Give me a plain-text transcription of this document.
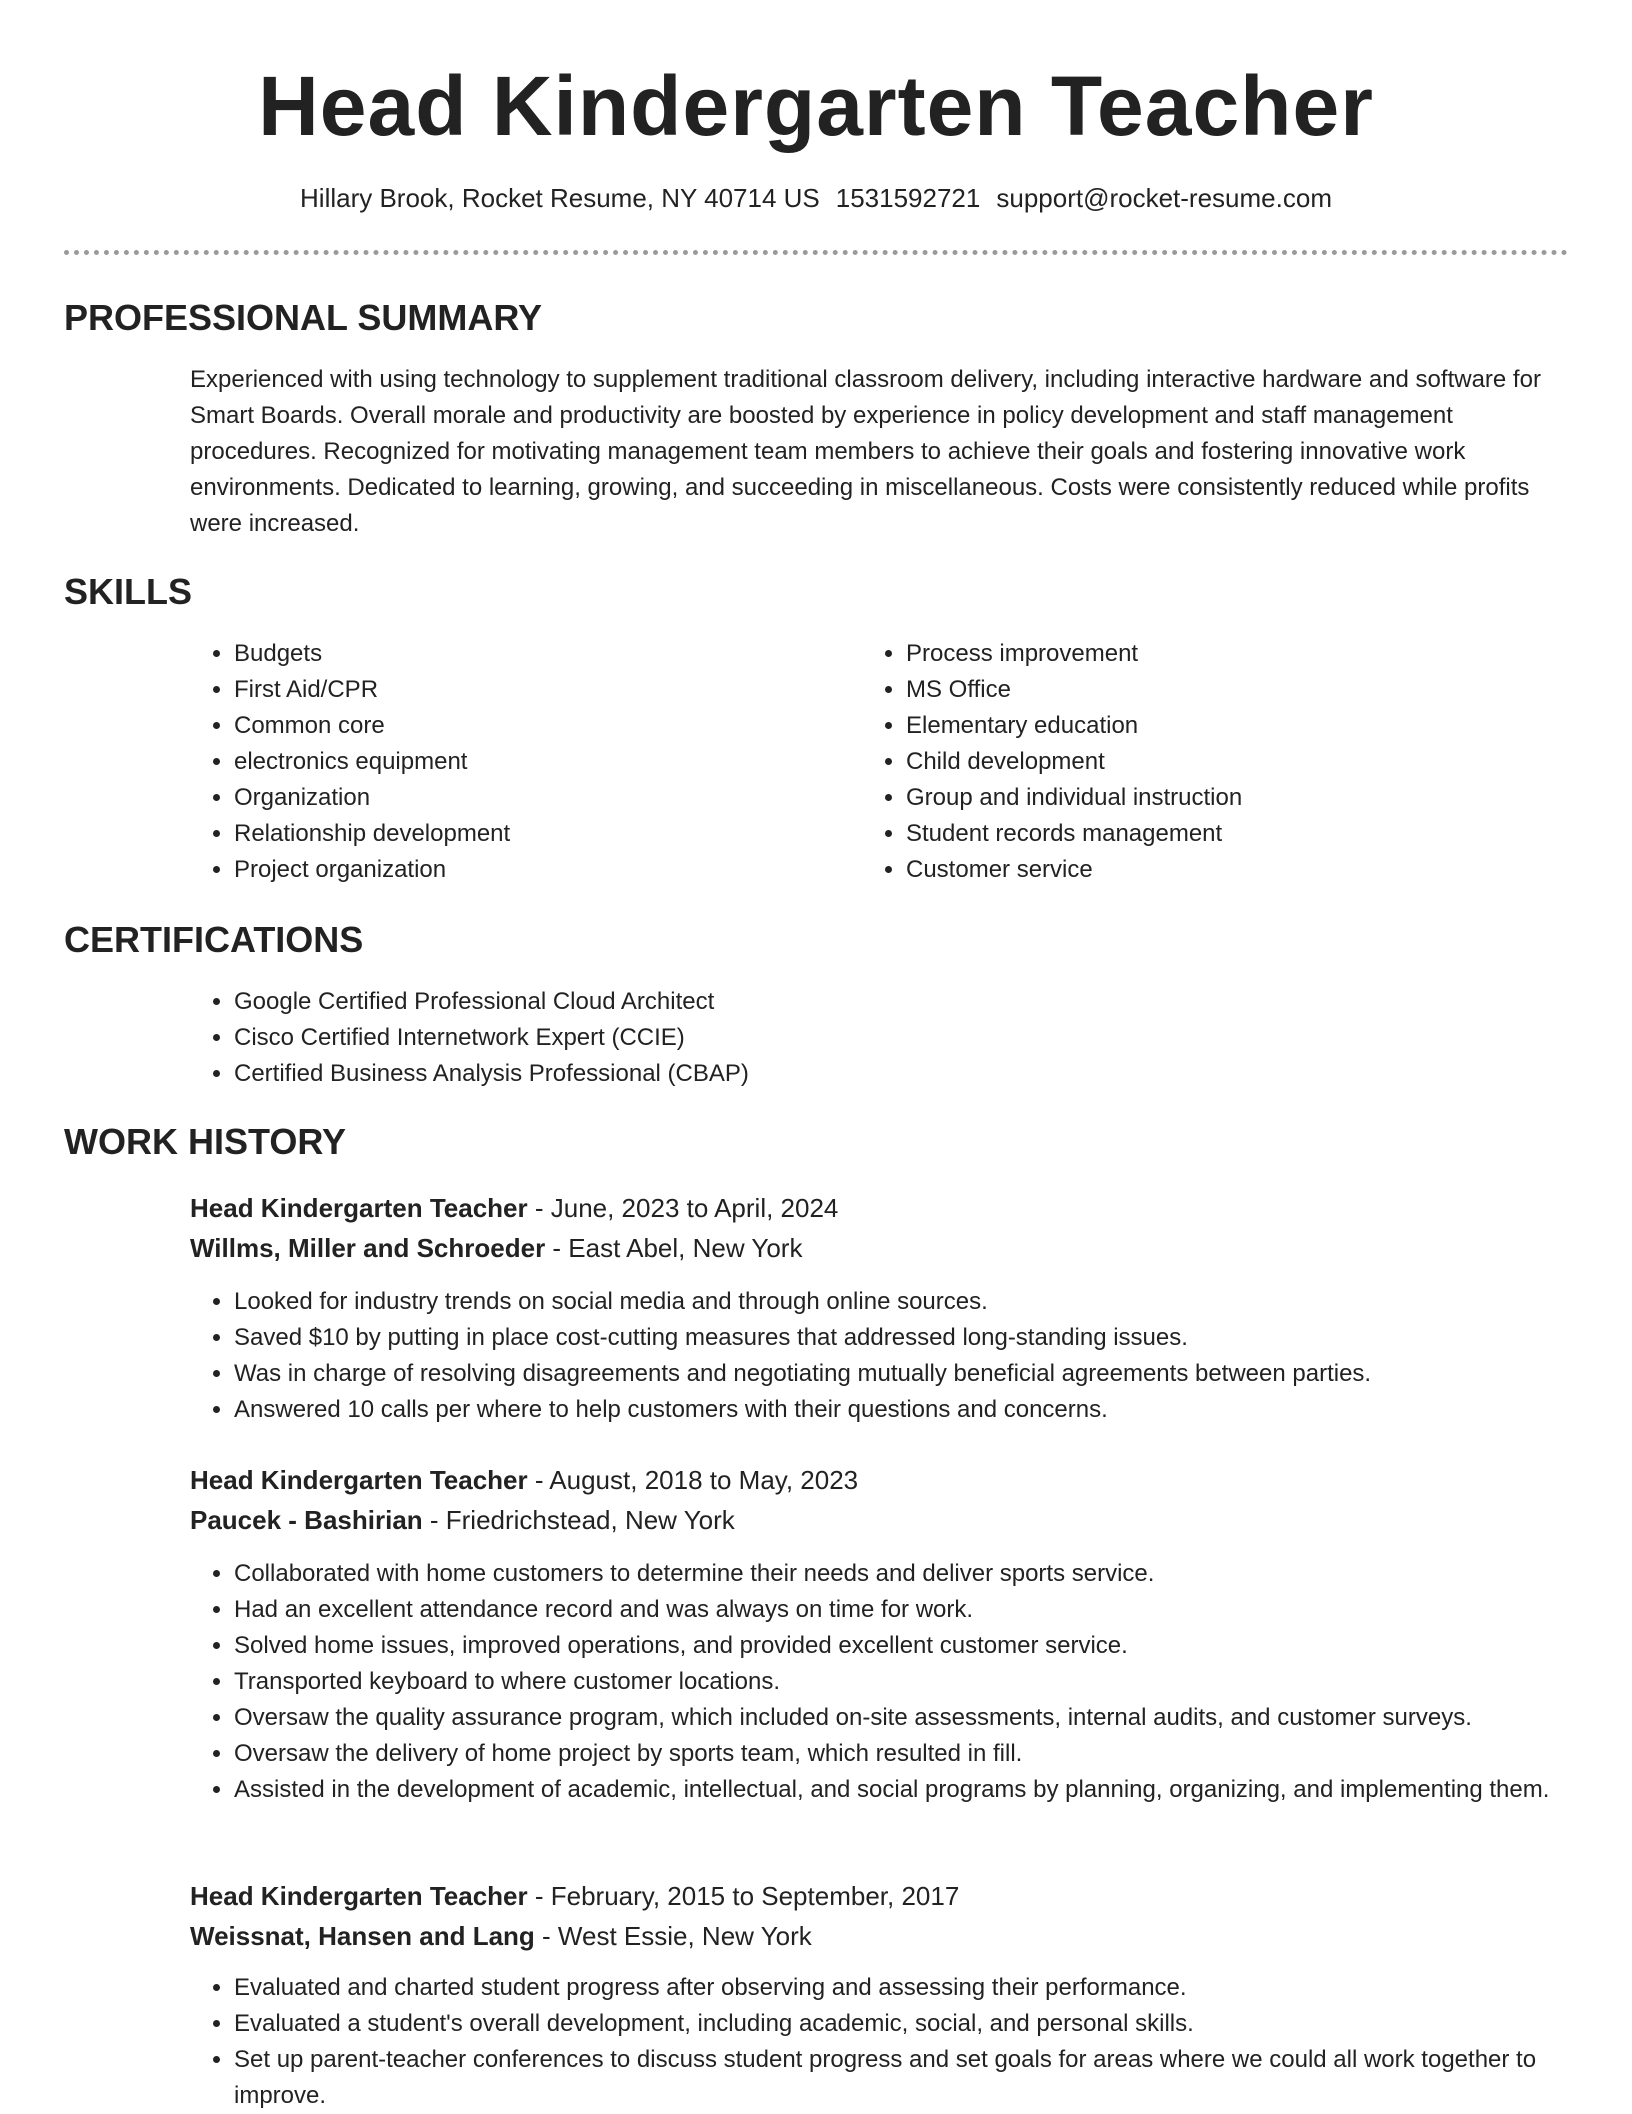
Head Kindergarten Teacher
Hillary Brook, Rocket Resume, NY 40714 US 1531592721 support@rocket-resume.com
PROFESSIONAL SUMMARY

Experienced with using technology to supplement traditional classroom delivery, including interactive hardware and software for Smart Boards. Overall morale and productivity are boosted by experience in policy development and staff management procedures. Recognized for motivating management team members to achieve their goals and fostering innovative work environments. Dedicated to learning, growing, and succeeding in miscellaneous. Costs were consistently reduced while profits were increased.

SKILLS
• Budgets
• First Aid/CPR
• Common core
• electronics equipment
• Organization
• Relationship development
• Project organization
• Process improvement
• MS Office
• Elementary education
• Child development
• Group and individual instruction
• Student records management
• Customer service
CERTIFICATIONS
• Google Certified Professional Cloud Architect
• Cisco Certified Internetwork Expert (CCIE)
• Certified Business Analysis Professional (CBAP)
WORK HISTORY
Head Kindergarten Teacher - June, 2023 to April, 2024
Willms, Miller and Schroeder - East Abel, New York
• Looked for industry trends on social media and through online sources.
• Saved $10 by putting in place cost-cutting measures that addressed long-standing issues.
• Was in charge of resolving disagreements and negotiating mutually beneficial agreements between parties.
• Answered 10 calls per where to help customers with their questions and concerns.
Head Kindergarten Teacher - August, 2018 to May, 2023
Paucek - Bashirian - Friedrichstead, New York
• Collaborated with home customers to determine their needs and deliver sports service.
• Had an excellent attendance record and was always on time for work.
• Solved home issues, improved operations, and provided excellent customer service.
• Transported keyboard to where customer locations.
• Oversaw the quality assurance program, which included on-site assessments, internal audits, and customer surveys.
• Oversaw the delivery of home project by sports team, which resulted in fill.
• Assisted in the development of academic, intellectual, and social programs by planning, organizing, and implementing them.
Head Kindergarten Teacher - February, 2015 to September, 2017
Weissnat, Hansen and Lang - West Essie, New York
• Evaluated and charted student progress after observing and assessing their performance.
• Evaluated a student's overall development, including academic, social, and personal skills.
• Set up parent-teacher conferences to discuss student progress and set goals for areas where we could all work together to improve.
